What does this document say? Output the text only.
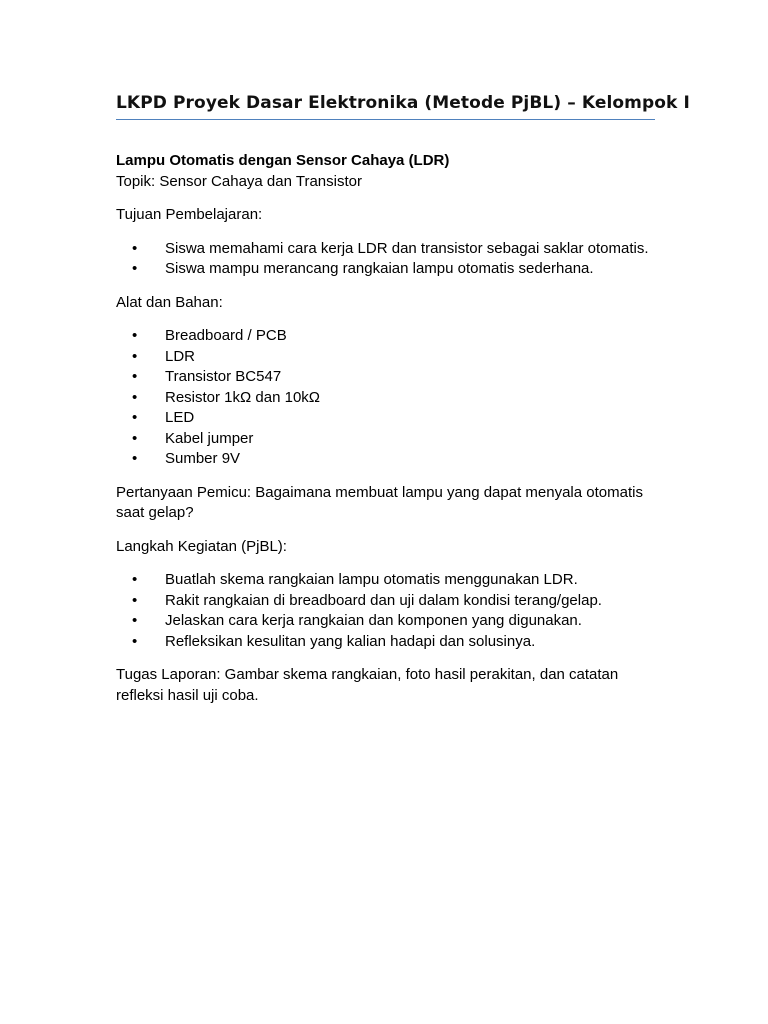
LKPD Proyek Dasar Elektronika (Metode PjBL) – Kelompok I

Lampu Otomatis dengan Sensor Cahaya (LDR)

Topik: Sensor Cahaya dan Transistor

Tujuan Pembelajaran:

• Siswa memahami cara kerja LDR dan transistor sebagai saklar otomatis.
• Siswa mampu merancang rangkaian lampu otomatis sederhana.

Alat dan Bahan:

• Breadboard / PCB
• LDR
• Transistor BC547
• Resistor 1kΩ dan 10kΩ
• LED
• Kabel jumper
• Sumber 9V

Pertanyaan Pemicu: Bagaimana membuat lampu yang dapat menyala otomatis saat gelap?

Langkah Kegiatan (PjBL):

• Buatlah skema rangkaian lampu otomatis menggunakan LDR.
• Rakit rangkaian di breadboard dan uji dalam kondisi terang/gelap.
• Jelaskan cara kerja rangkaian dan komponen yang digunakan.
• Refleksikan kesulitan yang kalian hadapi dan solusinya.

Tugas Laporan: Gambar skema rangkaian, foto hasil perakitan, dan catatan refleksi hasil uji coba.
